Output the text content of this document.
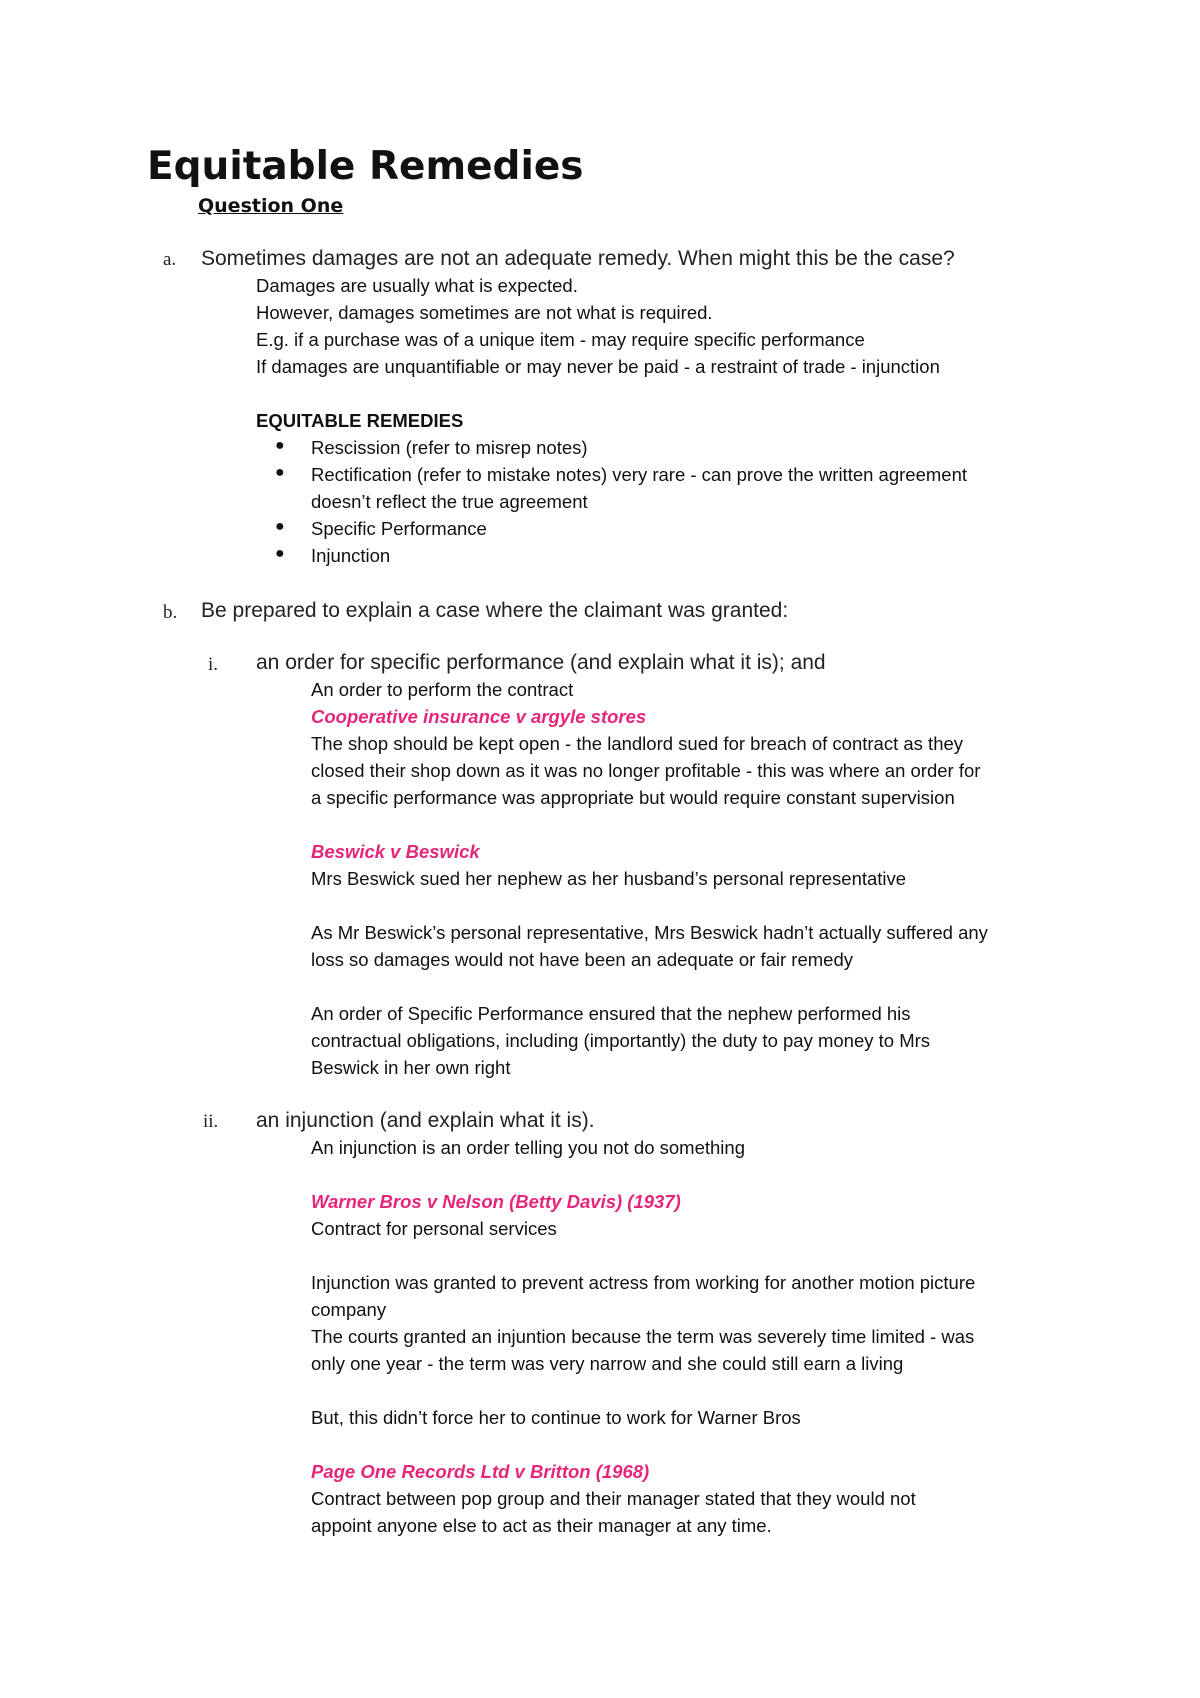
Equitable Remedies
Question One
a. Sometimes damages are not an adequate remedy. When might this be the case?
Damages are usually what is expected.
However, damages sometimes are not what is required.
E.g. if a purchase was of a unique item - may require specific performance
If damages are unquantifiable or may never be paid - a restraint of trade - injunction
EQUITABLE REMEDIES
● Rescission (refer to misrep notes)
● Rectification (refer to mistake notes) very rare - can prove the written agreement
doesn’t reflect the true agreement
● Specific Performance
● Injunction
b. Be prepared to explain a case where the claimant was granted:
i. an order for specific performance (and explain what it is); and
An order to perform the contract
Cooperative insurance v argyle stores
The shop should be kept open - the landlord sued for breach of contract as they
closed their shop down as it was no longer profitable - this was where an order for
a specific performance was appropriate but would require constant supervision
Beswick v Beswick
Mrs Beswick sued her nephew as her husband’s personal representative
As Mr Beswick’s personal representative, Mrs Beswick hadn’t actually suffered any
loss so damages would not have been an adequate or fair remedy
An order of Specific Performance ensured that the nephew performed his
contractual obligations, including (importantly) the duty to pay money to Mrs
Beswick in her own right
ii. an injunction (and explain what it is).
An injunction is an order telling you not do something
Warner Bros v Nelson (Betty Davis) (1937)
Contract for personal services
Injunction was granted to prevent actress from working for another motion picture
company
The courts granted an injuntion because the term was severely time limited - was
only one year - the term was very narrow and she could still earn a living
But, this didn’t force her to continue to work for Warner Bros
Page One Records Ltd v Britton (1968)
Contract between pop group and their manager stated that they would not
appoint anyone else to act as their manager at any time.
